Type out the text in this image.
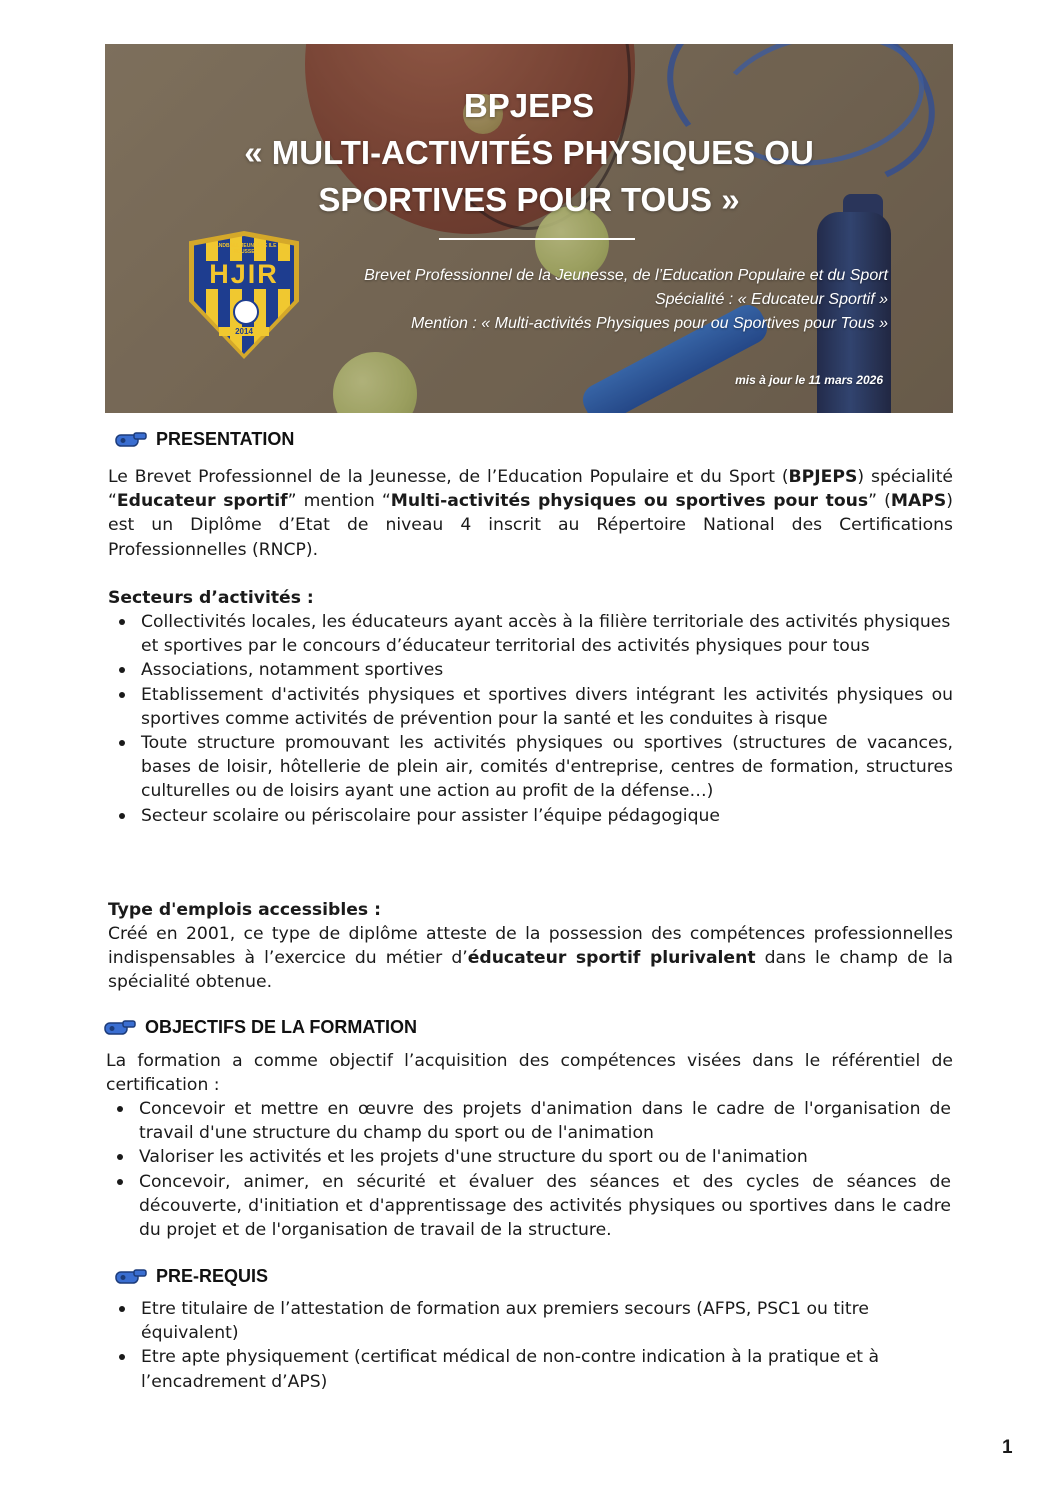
BPJEPS
« MULTI-ACTIVITÉS PHYSIQUES OU
SPORTIVES POUR TOUS »

Brevet Professionnel de la Jeunesse, de l’Education Populaire et du Sport
Spécialité : « Educateur Sportif »
Mention : « Multi-activités Physiques pour ou Sportives pour Tous »

mis à jour le 11 mars 2026
HANDBALL JEUNESSE ILE ROUSSE
HJIR
2014
PRESENTATION

Le Brevet Professionnel de la Jeunesse, de l’Education Populaire et du Sport (BPJEPS) spécialité “Educateur sportif” mention “Multi-activités physiques ou sportives pour tous” (MAPS) est un Diplôme d’Etat de niveau 4 inscrit au Répertoire National des Certifications Professionnelles (RNCP).

Secteurs d’activités :

Collectivités locales, les éducateurs ayant accès à la filière territoriale des activités physiques et sportives par le concours d’éducateur territorial des activités physiques pour tous
Associations, notamment sportives
Etablissement d'activités physiques et sportives divers intégrant les activités physiques ou sportives comme activités de prévention pour la santé et les conduites à risque
Toute structure promouvant les activités physiques ou sportives (structures de vacances, bases de loisir, hôtellerie de plein air, comités d'entreprise, centres de formation, structures culturelles ou de loisirs ayant une action au profit de la défense…)
Secteur scolaire ou périscolaire pour assister l’équipe pédagogique

Type d'emplois accessibles :

Créé en 2001, ce type de diplôme atteste de la possession des compétences professionnelles indispensables à l’exercice du métier d’éducateur sportif plurivalent dans le champ de la spécialité obtenue.

OBJECTIFS DE LA FORMATION

La formation a comme objectif l’acquisition des compétences visées dans le référentiel de certification :

Concevoir et mettre en œuvre des projets d'animation dans le cadre de l'organisation de travail d'une structure du champ du sport ou de l'animation
Valoriser les activités et les projets d'une structure du sport ou de l'animation
Concevoir, animer, en sécurité et évaluer des séances et des cycles de séances de découverte, d'initiation et d'apprentissage des activités physiques ou sportives dans le cadre du projet et de l'organisation de travail de la structure.
PRE-REQUIS
Etre titulaire de l’attestation de formation aux premiers secours (AFPS, PSC1 ou titre équivalent)
Etre apte physiquement (certificat médical de non-contre indication à la pratique et à l’encadrement d’APS)
1
